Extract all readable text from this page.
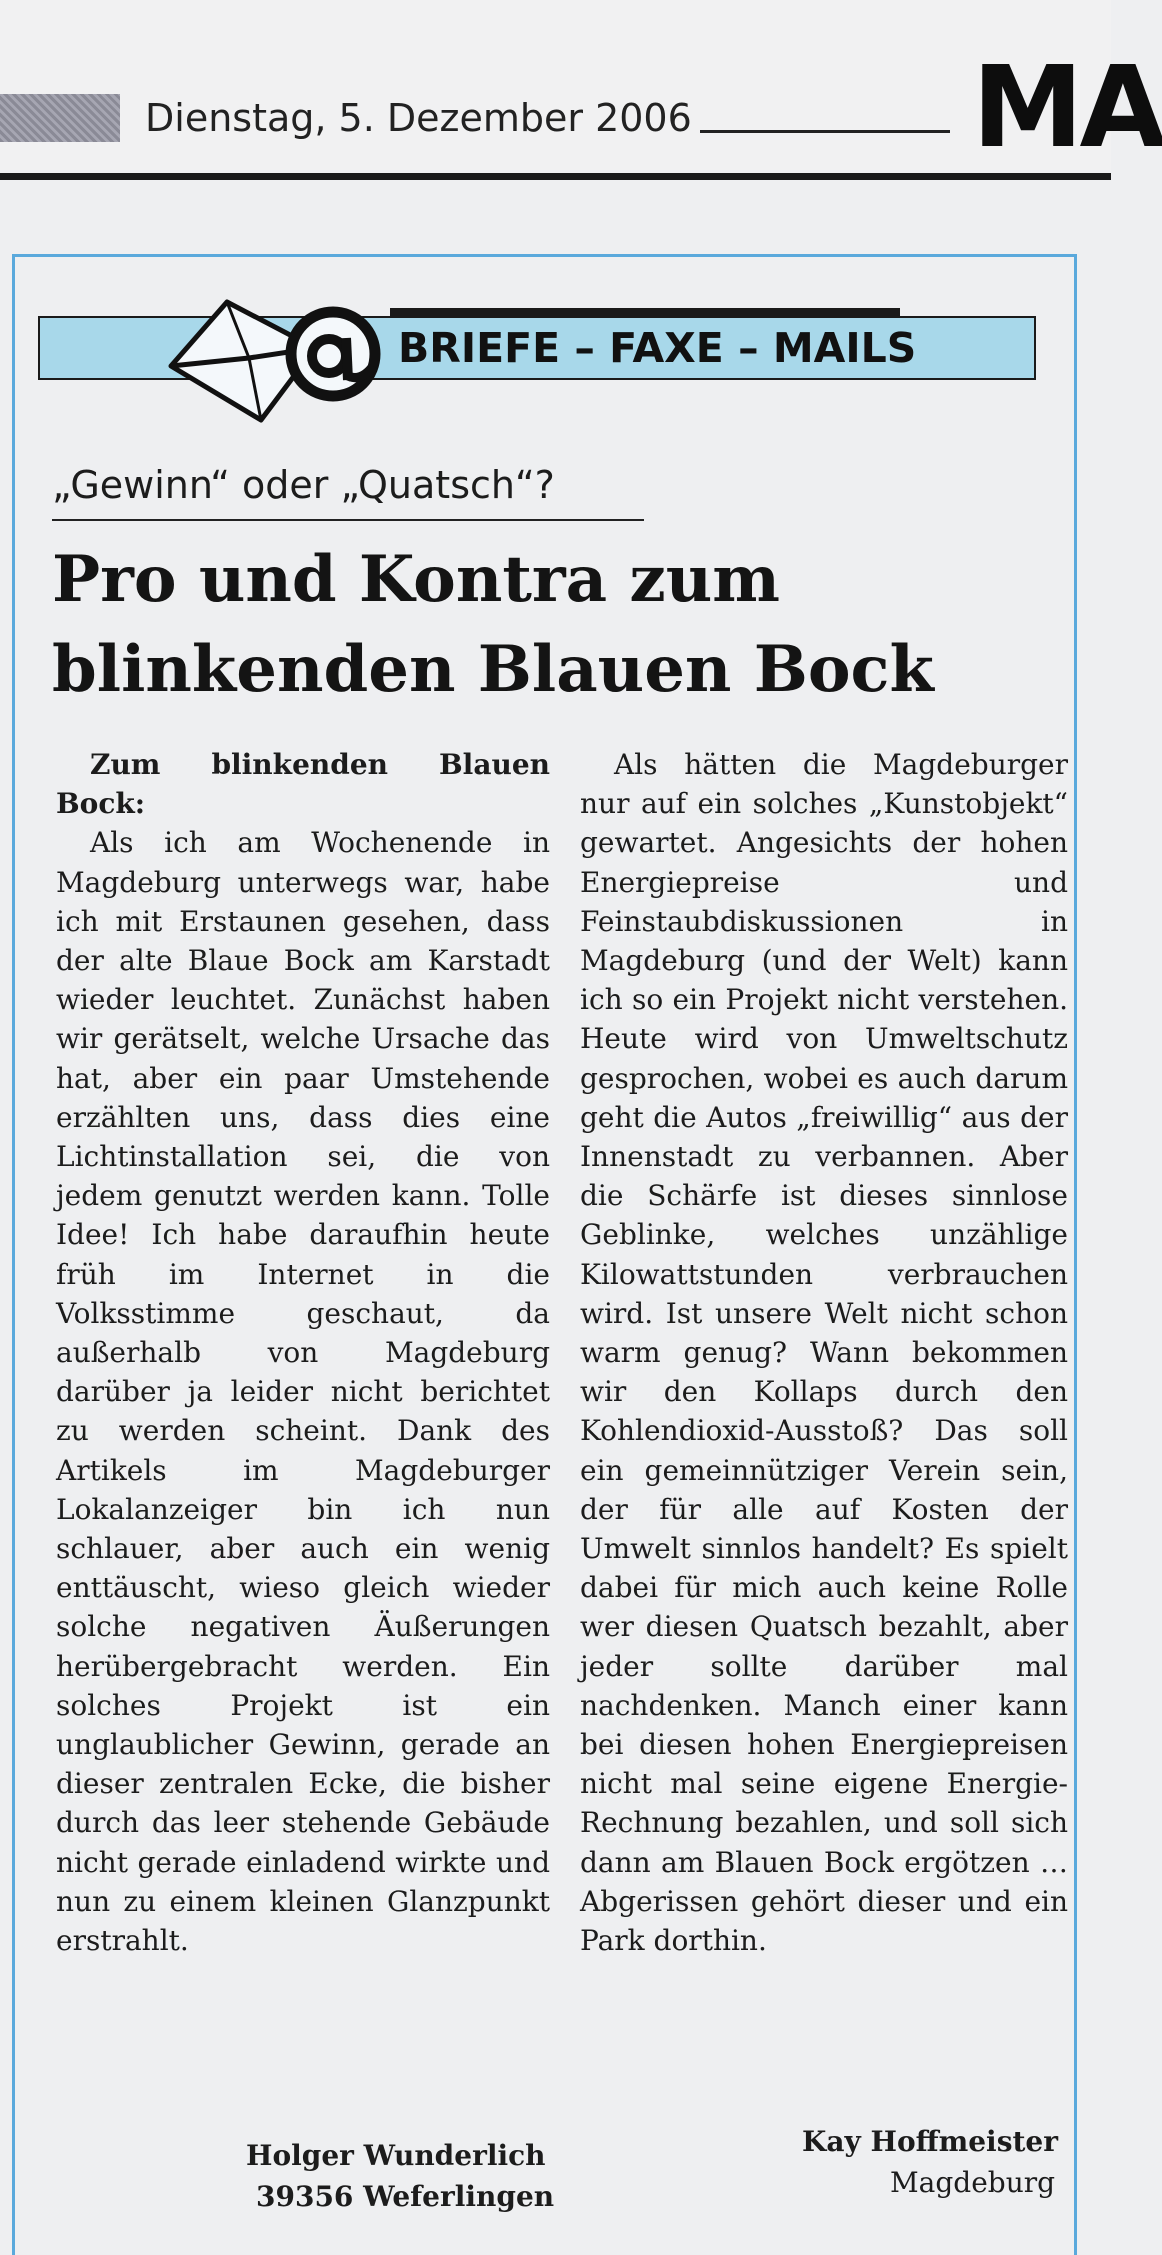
Dienstag, 5. Dezember 2006	MA
BRIEFE – FAXE – MAILS
„Gewinn“ oder „Quatsch“?
Pro und Kontra zum
blinkenden Blauen Bock

Zum blinkenden Blauen Bock:

Als ich am Wochenende in Magdeburg unterwegs war, habe ich mit Erstaunen gesehen, dass der alte Blaue Bock am Karstadt wieder leuchtet. Zunächst haben wir gerätselt, welche Ursache das hat, aber ein paar Umstehende erzählten uns, dass dies eine Lichtinstallation sei, die von jedem genutzt werden kann. Tolle Idee! Ich habe daraufhin heute früh im Internet in die Volksstimme geschaut, da außerhalb von Magdeburg darüber ja leider nicht berichtet zu werden scheint. Dank des Artikels im Magdeburger Lokalanzeiger bin ich nun schlauer, aber auch ein wenig enttäuscht, wieso gleich wieder solche negativen Äußerungen herübergebracht werden. Ein solches Projekt ist ein unglaublicher Gewinn, gerade an dieser zentralen Ecke, die bisher durch das leer stehende Gebäude nicht gerade einladend wirkte und nun zu einem kleinen Glanzpunkt erstrahlt.

Holger Wunderlich
39356 Weferlingen

Als hätten die Magdeburger nur auf ein solches „Kunstobjekt“ gewartet. Angesichts der hohen Energiepreise und Feinstaubdiskussionen in Magdeburg (und der Welt) kann ich so ein Projekt nicht verstehen. Heute wird von Umweltschutz gesprochen, wobei es auch darum geht die Autos „freiwillig“ aus der Innenstadt zu verbannen. Aber die Schärfe ist dieses sinnlose Geblinke, welches unzählige Kilowattstunden verbrauchen wird. Ist unsere Welt nicht schon warm genug? Wann bekommen wir den Kollaps durch den Kohlendioxid-Ausstoß? Das soll ein gemeinnütziger Verein sein, der für alle auf Kosten der Umwelt sinnlos handelt? Es spielt dabei für mich auch keine Rolle wer diesen Quatsch bezahlt, aber jeder sollte darüber mal nachdenken. Manch einer kann bei diesen hohen Energiepreisen nicht mal seine eigene Energie-Rechnung bezahlen, und soll sich dann am Blauen Bock ergötzen … Abgerissen gehört dieser und ein Park dorthin.

Kay Hoffmeister
Magdeburg
